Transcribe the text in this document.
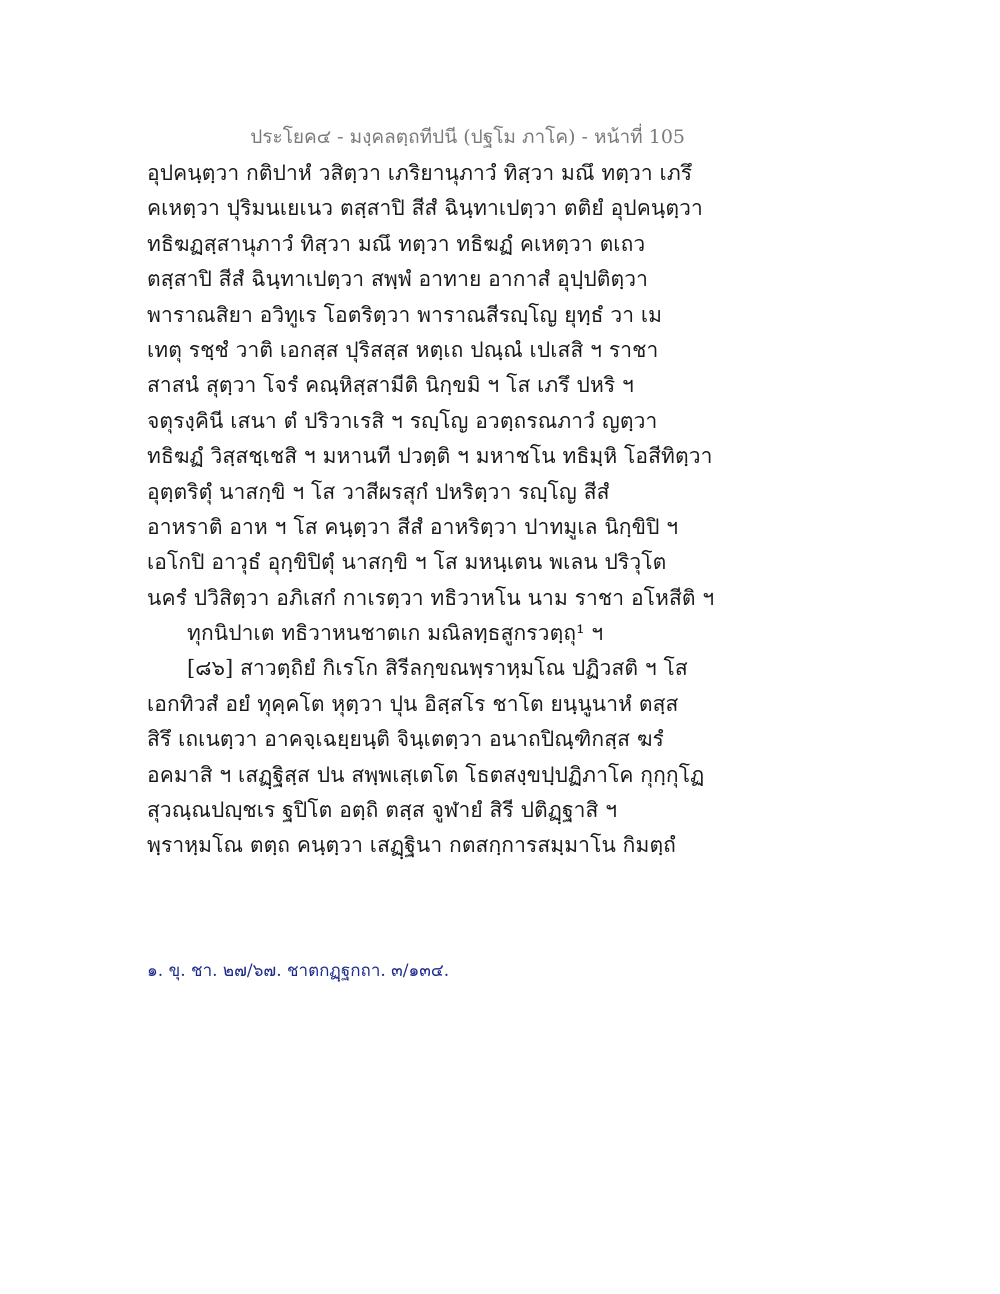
ประโยค๔ - มงฺคลตฺถทีปนี (ปฐโม ภาโค) - หน้าที่ 105
อุปคนฺตฺวา กติปาหํ วสิตฺวา เภริยานุภาวํ ทิสฺวา มณึ ทตฺวา เภรึ
คเหตฺวา ปุริมนเยเนว ตสฺสาปิ สีสํ ฉินฺทาเปตฺวา ตติยํ อุปคนฺตฺวา
ทธิฆฏสฺสานุภาวํ ทิสฺวา มณึ ทตฺวา ทธิฆฏํ คเหตฺวา ตเถว
ตสฺสาปิ สีสํ ฉินฺทาเปตฺวา สพฺพํ อาทาย อากาสํ อุปฺปติตฺวา
พาราณสิยา อวิทูเร โอตริตฺวา พาราณสีรญฺโญ ยุทฺธํ วา เม
เทตุ รชฺชํ วาติ เอกสฺส ปุริสสฺส หตฺเถ ปณฺณํ เปเสสิ ฯ ราชา
สาสนํ สุตฺวา โจรํ คณฺหิสฺสามีติ นิกฺขมิ ฯ โส เภรึ ปหริ ฯ
จตุรงฺคินี เสนา ตํ ปริวาเรสิ ฯ รญฺโญ อวตฺถรณภาวํ ญตฺวา
ทธิฆฏํ วิสฺสชฺเชสิ ฯ มหานที ปวตฺติ ฯ มหาชโน ทธิมฺหิ โอสีทิตฺวา
อุตฺตริตุํ นาสกฺขิ ฯ โส วาสีผรสุกํ ปหริตฺวา รญฺโญ สีสํ
อาหราติ อาห ฯ โส คนฺตฺวา สีสํ อาหริตฺวา ปาทมูเล นิกฺขิปิ ฯ
เอโกปิ อาวุธํ อุกฺขิปิตุํ นาสกฺขิ ฯ โส มหนฺเตน พเลน ปริวุโต
นครํ ปวิสิตฺวา อภิเสกํ กาเรตฺวา ทธิวาหโน นาม ราชา อโหสีติ ฯ
ทุกนิปาเต ทธิวาหนชาตเก มณิลทฺธสูกรวตฺถุ¹ ฯ
[๘๖] สาวตฺถิยํ กิเรโก สิรีลกฺขณพฺราหฺมโณ ปฏิวสติ ฯ โส
เอกทิวสํ อยํ ทุคฺคโต หุตฺวา ปุน อิสฺสโร ชาโต ยนฺนูนาหํ ตสฺส
สิรึ เถเนตฺวา อาคจฺเฉยฺยนฺติ จินฺเตตฺวา อนาถปิณฺฑิกสฺส ฆรํ
อคมาสิ ฯ เสฏฺฐิสฺส ปน สพฺพเสฺเตโต โธตสงฺขปฺปฏิภาโค กุกฺกุโฏ
สุวณฺณปญฺชเร ฐปิโต อตฺถิ ตสฺส จูฬายํ สิรี ปติฏฺฐาสิ ฯ
พฺราหฺมโณ ตตฺถ คนฺตฺวา เสฏฺฐินา กตสกฺการสมฺมาโน กิมตฺถํ
๑. ขุ. ชา. ๒๗/๖๗. ชาตกฏฺฐกถา. ๓/๑๓๔.
